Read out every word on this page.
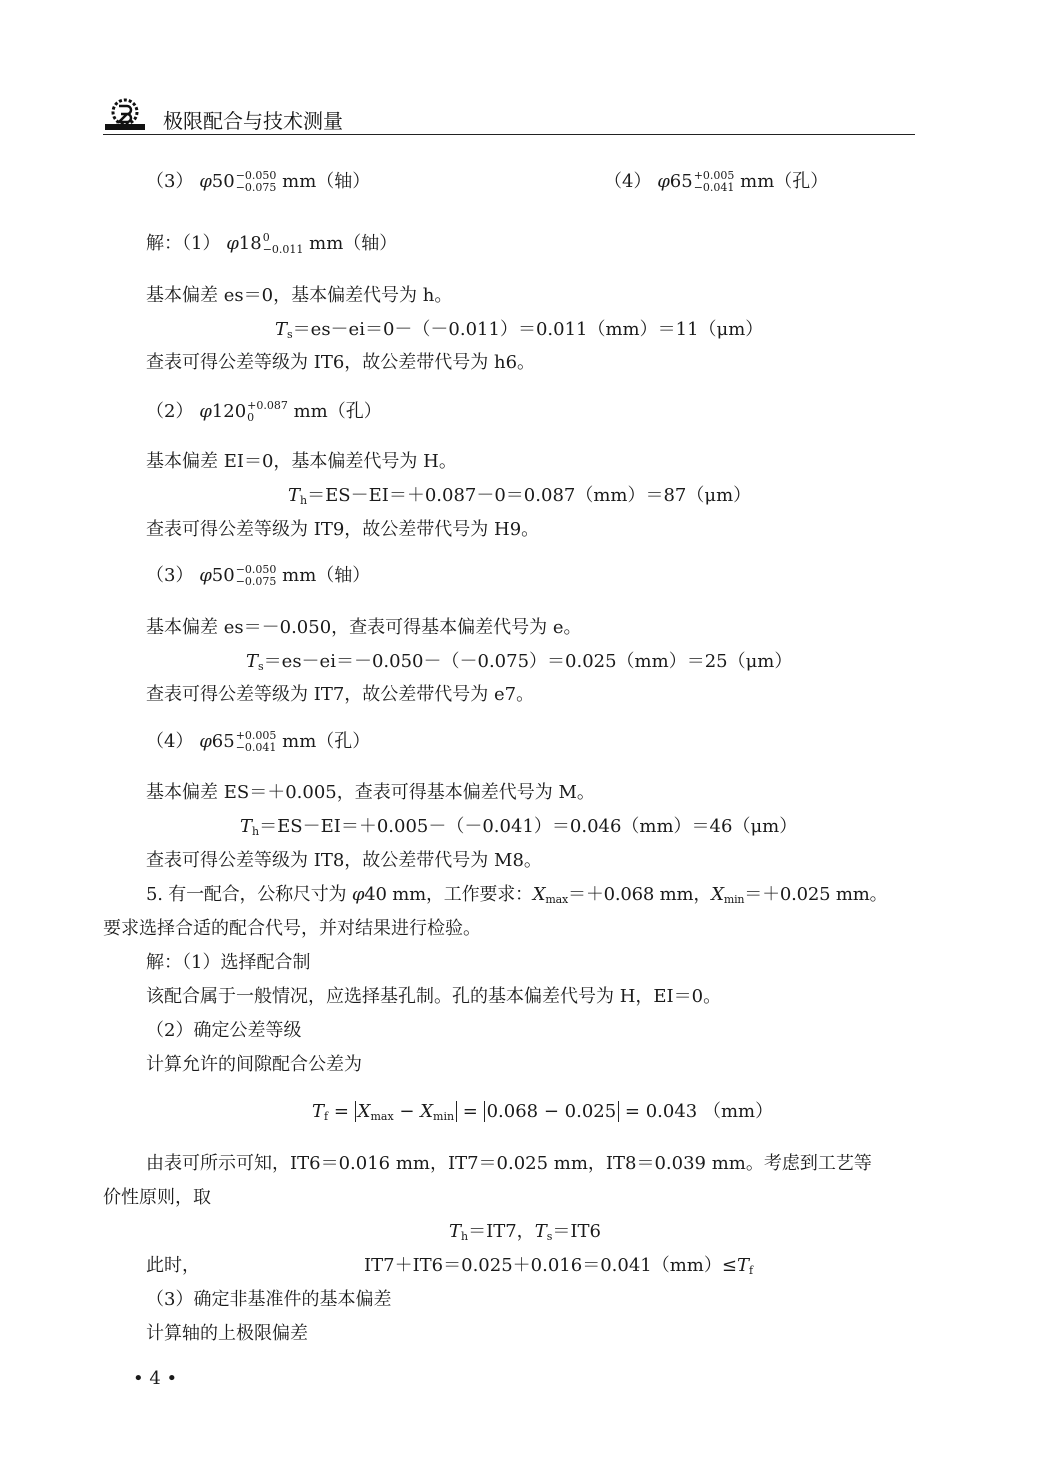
极限配合与技术测量
（3） φ50 −0.050
−0.075 mm（轴）	（4） φ65 +0.005
−0.041 mm（孔）
解：（1） φ18 0
−0.011 mm（轴）
基本偏差 es＝0，基本偏差代号为 h。
$T_s=es-ei=0-(-0.011)=0.011(mm)=11(\mu m)$
查表可得公差等级为 IT6，故公差带代号为 h6。
（2） φ120 +0.087
0	mm（孔）
基本偏差 EI＝0，基本偏差代号为 H。
$T_h=ES-EI=+0.087-0=0.087(mm)=87(\mu m)$
查表可得公差等级为 IT9，故公差带代号为 H9。
（3） φ50 −0.050
−0.075 mm（轴）
基本偏差 es＝－0.050，查表可得基本偏差代号为 e。
$T_s=es-ei=-0.050-(-0.075)=0.025(mm)=25(\mu m)$
查表可得公差等级为 IT7，故公差带代号为 e7。
（4） φ65 +0.005
−0.041 mm（孔）
基本偏差 ES＝＋0.005，查表可得基本偏差代号为 M。
$T_h=ES-EI=+0.005-(-0.041)=0.046(mm)=46(\mu m)$
查表可得公差等级为 IT8，故公差带代号为 M8。
5. 有一配合，公称尺寸为 φ40 mm，工作要求：$X_{max}=+0.068$ mm，$X_{min}=+0.025$ mm。
要求选择合适的配合代号，并对结果进行检验。
解：（1）选择配合制
该配合属于一般情况，应选择基孔制。孔的基本偏差代号为 H，EI＝0。
（2）确定公差等级
计算允许的间隙配合公差为
$T_f = X_{max} - X_{min} = 0.068 - 0.025 = 0.043$ （mm）
由表可所示可知，IT6＝0.016 mm，IT7＝0.025 mm，IT8＝0.039 mm。考虑到工艺等
价性原则，取
$T_h=IT7$，$T_s=IT6$
此时，	$IT7+IT6=0.025+0.016=0.041(mm)\le T_f$
（3）确定非基准件的基本偏差
计算轴的上极限偏差
• 4 •
